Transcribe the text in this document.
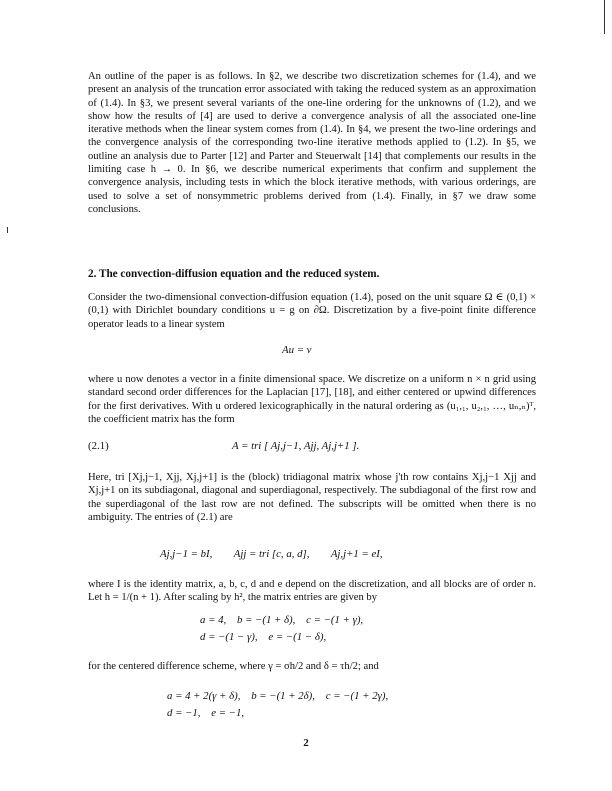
An outline of the paper is as follows. In §2, we describe two discretization schemes for (1.4), and we present an analysis of the truncation error associated with taking the reduced system as an approximation of (1.4). In §3, we present several variants of the one-line ordering for the unknowns of (1.2), and we show how the results of [4] are used to derive a convergence analysis of all the associated one-line iterative methods when the linear system comes from (1.4). In §4, we present the two-line orderings and the convergence analysis of the corresponding two-line iterative methods applied to (1.2). In §5, we outline an analysis due to Parter [12] and Parter and Steuerwalt [14] that complements our results in the limiting case h → 0. In §6, we describe numerical experiments that confirm and supplement the convergence analysis, including tests in which the block iterative methods, with various orderings, are used to solve a set of nonsymmetric problems derived from (1.4). Finally, in §7 we draw some conclusions.

2. The convection-diffusion equation and the reduced system.

Consider the two-dimensional convection-diffusion equation (1.4), posed on the unit square Ω ∈ (0,1) × (0,1) with Dirichlet boundary conditions u = g on ∂Ω. Discretization by a five-point finite difference operator leads to a linear system

Au = v

where u now denotes a vector in a finite dimensional space. We discretize on a uniform n × n grid using standard second order differences for the Laplacian [17], [18], and either centered or upwind differences for the first derivatives. With u ordered lexicographically in the natural ordering as (u₁,₁, u₂,₁, …, uₙ,ₙ)ᵀ, the coefficient matrix has the form

(2.1)	A = tri [ Aj,j−1, Ajj, Aj,j+1 ].

Here, tri [Xj,j−1, Xjj, Xj,j+1] is the (block) tridiagonal matrix whose j'th row contains Xj,j−1 Xjj and Xj,j+1 on its subdiagonal, diagonal and superdiagonal, respectively. The subdiagonal of the first row and the superdiagonal of the last row are not defined. The subscripts will be omitted when there is no ambiguity. The entries of (2.1) are

Aj,j−1 = bI,        Ajj = tri [c, a, d],        Aj,j+1 = eI,

where I is the identity matrix, a, b, c, d and e depend on the discretization, and all blocks are of order n. Let h = 1/(n + 1). After scaling by h², the matrix entries are given by

a = 4,    b = −(1 + δ),    c = −(1 + γ),
d = −(1 − γ),    e = −(1 − δ),

for the centered difference scheme, where γ = σh/2 and δ = τh/2; and

a = 4 + 2(γ + δ),    b = −(1 + 2δ),    c = −(1 + 2γ),
d = −1,    e = −1,
2
